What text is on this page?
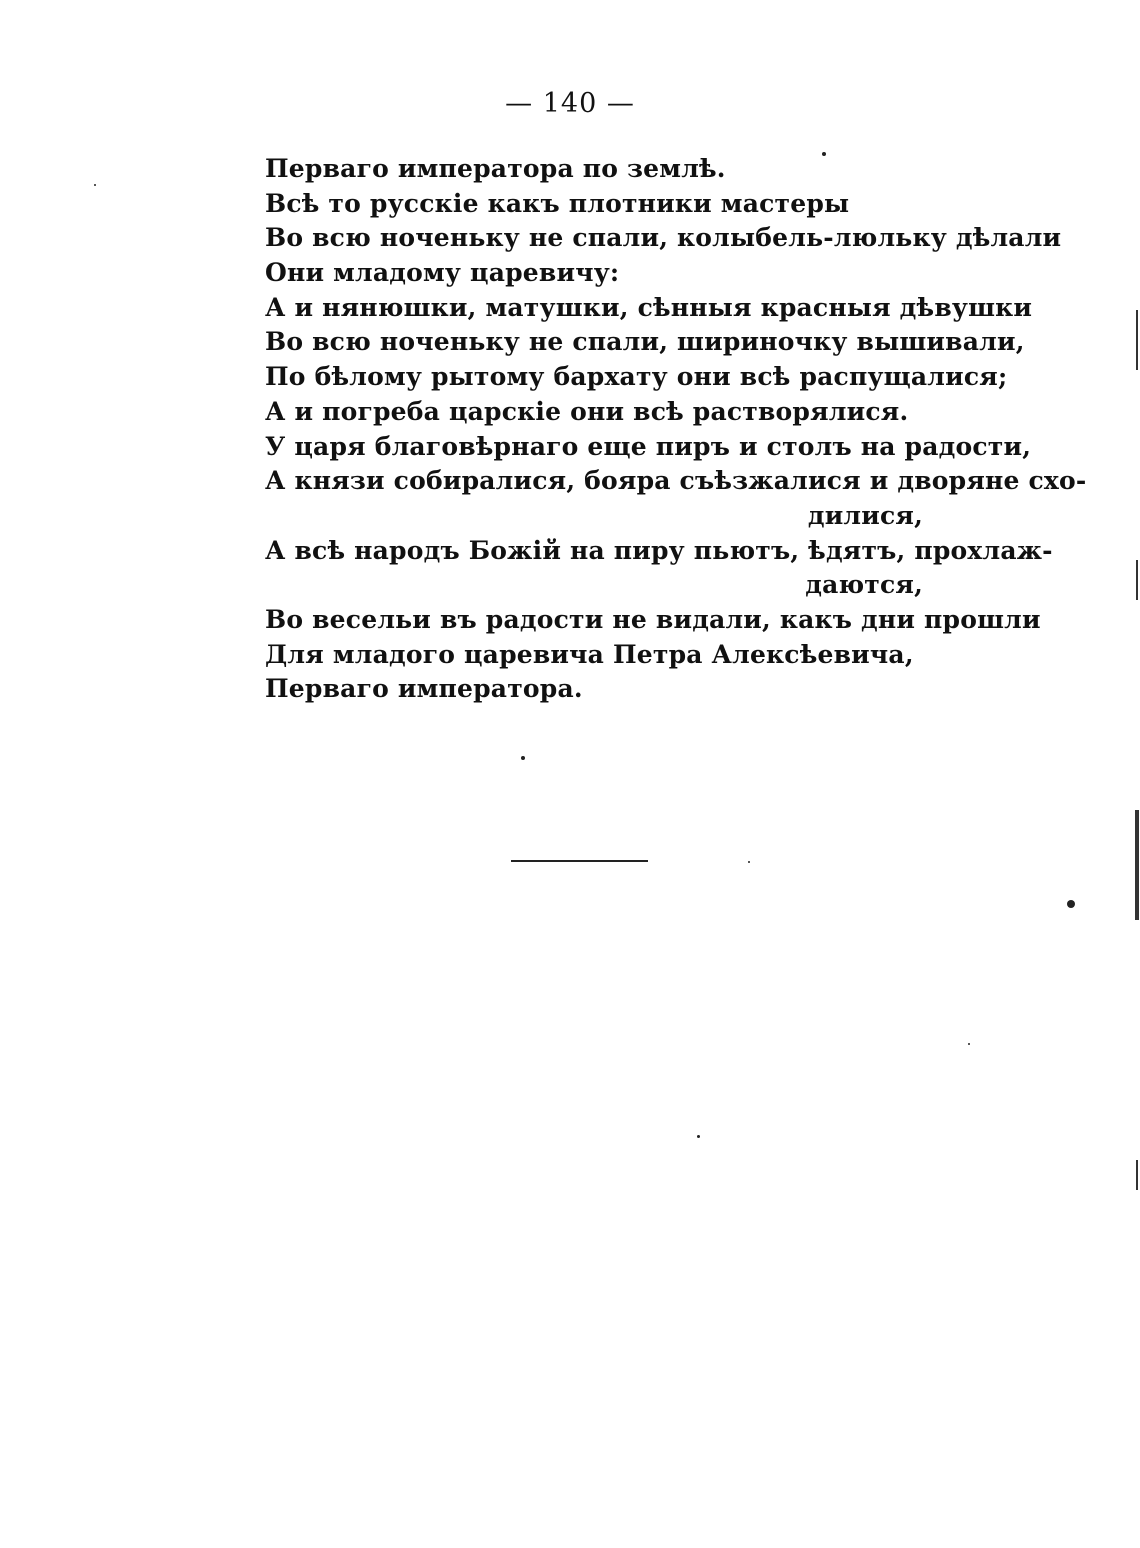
— 140 —
Перваго императора по землѣ.
Всѣ то русскіе какъ плотники мастеры
Во всю ноченьку не спали, колыбель-люльку дѣлали
Они младому царевичу:
А и нянюшки, матушки, сѣнныя красныя дѣвушки
Во всю ноченьку не спали, шириночку вышивали,
По бѣлому рытому бархату они всѣ распущалися;
А и погреба царскіе они всѣ растворялися.
У царя благовѣрнаго еще пиръ и столъ на радости,
А князи собиралися, бояра съѣзжалися и дворяне схо-
дилися,
А всѣ народъ Божій на пиру пьютъ, ѣдятъ, прохлаж-
даются,
Во весельи въ радости не видали, какъ дни прошли
Для младого царевича Петра Алексѣевича,
Перваго императора.
